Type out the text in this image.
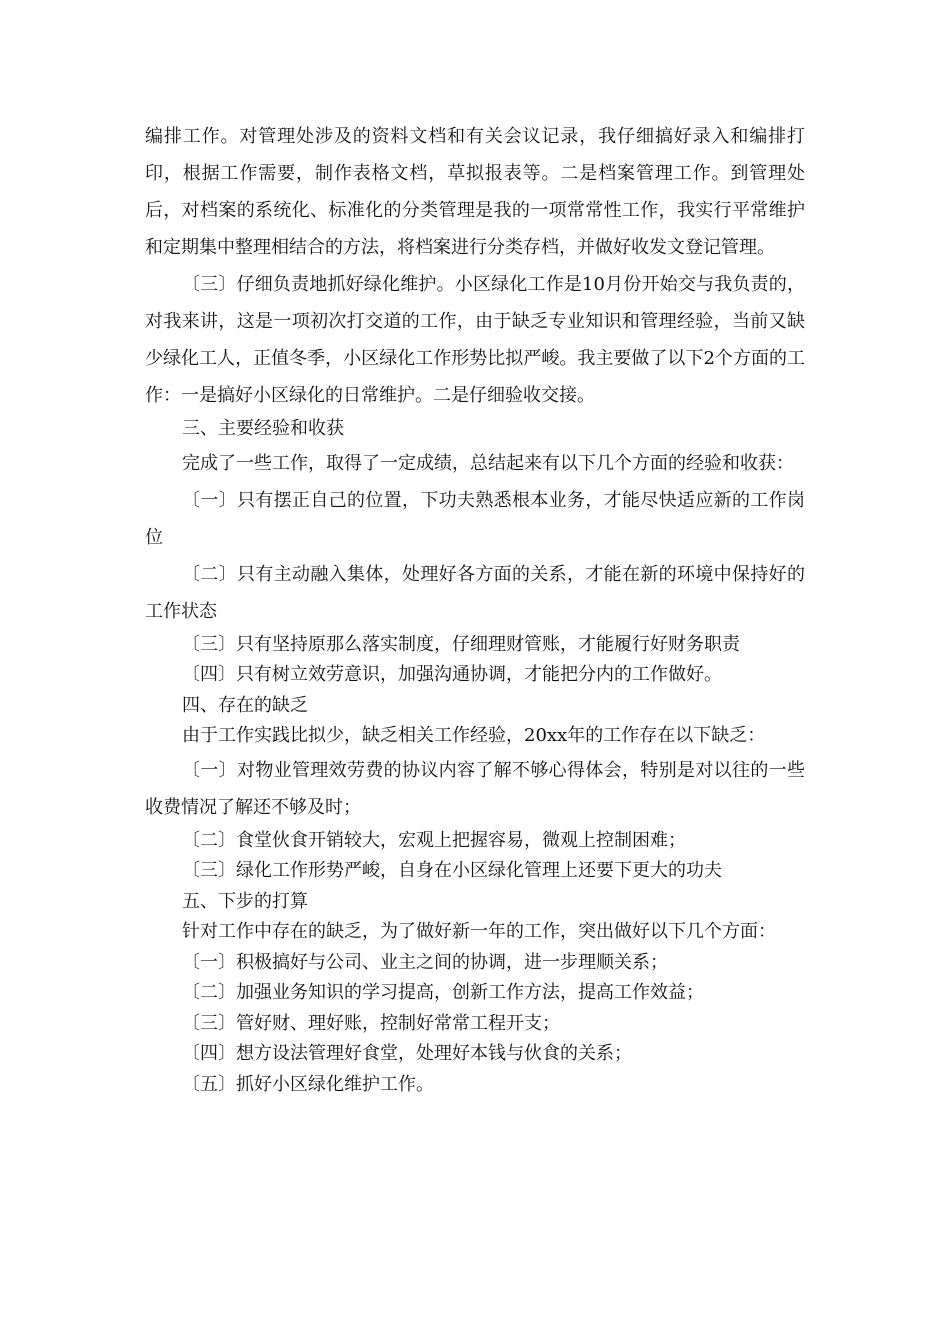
编排工作。对管理处涉及的资料文档和有关会议记录，我仔细搞好录入和编排打印，根据工作需要，制作表格文档，草拟报表等。二是档案管理工作。到管理处后，对档案的系统化、标准化的分类管理是我的一项常常性工作，我实行平常维护和定期集中整理相结合的方法，将档案进行分类存档，并做好收发文登记管理。

〔三〕仔细负责地抓好绿化维护。小区绿化工作是10月份开始交与我负责的，对我来讲，这是一项初次打交道的工作，由于缺乏专业知识和管理经验，当前又缺少绿化工人，正值冬季，小区绿化工作形势比拟严峻。我主要做了以下2个方面的工作：一是搞好小区绿化的日常维护。二是仔细验收交接。

三、主要经验和收获

完成了一些工作，取得了一定成绩，总结起来有以下几个方面的经验和收获：

〔一〕只有摆正自己的位置，下功夫熟悉根本业务，才能尽快适应新的工作岗位

〔二〕只有主动融入集体，处理好各方面的关系，才能在新的环境中保持好的工作状态

〔三〕只有坚持原那么落实制度，仔细理财管账，才能履行好财务职责

〔四〕只有树立效劳意识，加强沟通协调，才能把分内的工作做好。

四、存在的缺乏

由于工作实践比拟少，缺乏相关工作经验，20xx年的工作存在以下缺乏：

〔一〕对物业管理效劳费的协议内容了解不够心得体会，特别是对以往的一些收费情况了解还不够及时；

〔二〕食堂伙食开销较大，宏观上把握容易，微观上控制困难；

〔三〕绿化工作形势严峻，自身在小区绿化管理上还要下更大的功夫

五、下步的打算

针对工作中存在的缺乏，为了做好新一年的工作，突出做好以下几个方面：

〔一〕积极搞好与公司、业主之间的协调，进一步理顺关系；

〔二〕加强业务知识的学习提高，创新工作方法，提高工作效益；

〔三〕管好财、理好账，控制好常常工程开支；

〔四〕想方设法管理好食堂，处理好本钱与伙食的关系；

〔五〕抓好小区绿化维护工作。
